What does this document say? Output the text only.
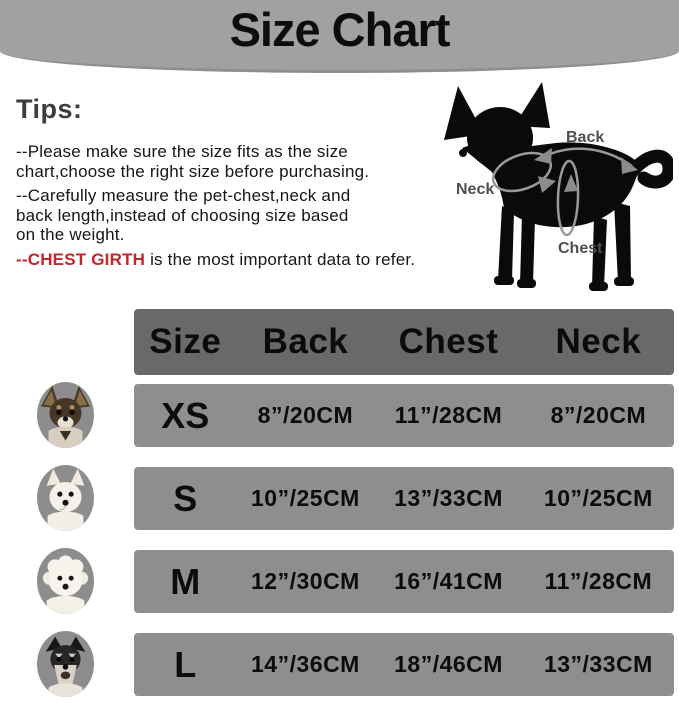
Size Chart
Tips:
--Please make sure the size fits as the size
chart,choose the right size before purchasing.
--Carefully measure the pet-chest,neck and
back length,instead of choosing size based
on the weight.
--CHEST GIRTH is the most important data to refer.
Back
Neck
Chest
Size Back Chest Neck
XS 8”/20CM 11”/28CM 8”/20CM
S 10”/25CM 13”/33CM 10”/25CM
M 12”/30CM 16”/41CM 11”/28CM
L 14”/36CM 18”/46CM 13”/33CM
